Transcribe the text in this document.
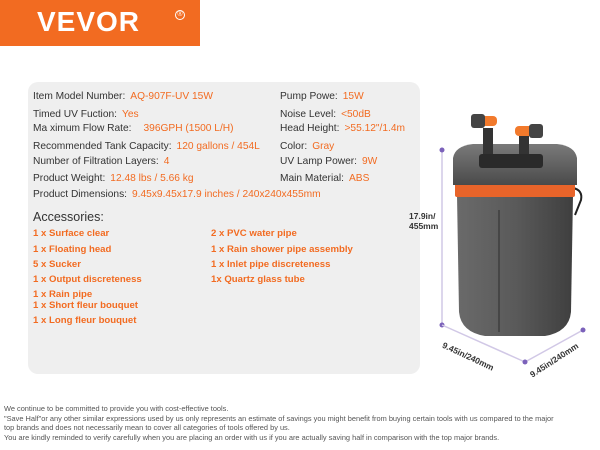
VEVOR	®
Item Model Number: AQ-907F-UV 15W
Timed UV Fuction: Yes
Ma ximum Flow Rate: 396GPH (1500 L/H)
Recommended Tank Capacity: 120 gallons / 454L
Number of Filtration Layers: 4
Product Weight: 12.48 lbs / 5.66 kg
Product Dimensions: 9.45x9.45x17.9 inches / 240x240x455mm
Pump Powe: 15W
Noise Level: <50dB
Head Height: >55.12"/1.4m
Color: Gray
UV Lamp Power: 9W
Main Material: ABS
Accessories:
1 x Surface clear
1 x Floating head
5 x Sucker
1 x Output discreteness
1 x Rain pipe
1 x Short fleur bouquet
1 x Long fleur bouquet
2 x PVC water pipe
1 x Rain shower pipe assembly
1 x Inlet pipe discreteness
1x Quartz glass tube
17.9in/
455mm
9.45in/240mm	9.45in/240mm
We continue to be committed to provide you with cost-effective tools.
"Save Half"or any other similar expressions used by us only represents an estimate of savings you might benefit from buying certain tools with us compared to the major
top brands and does not necessarily mean to cover all categories of tools offered by us.
You are kindly reminded to verify carefully when you are placing an order with us if you are actually saving half in comparison with the top major brands.
